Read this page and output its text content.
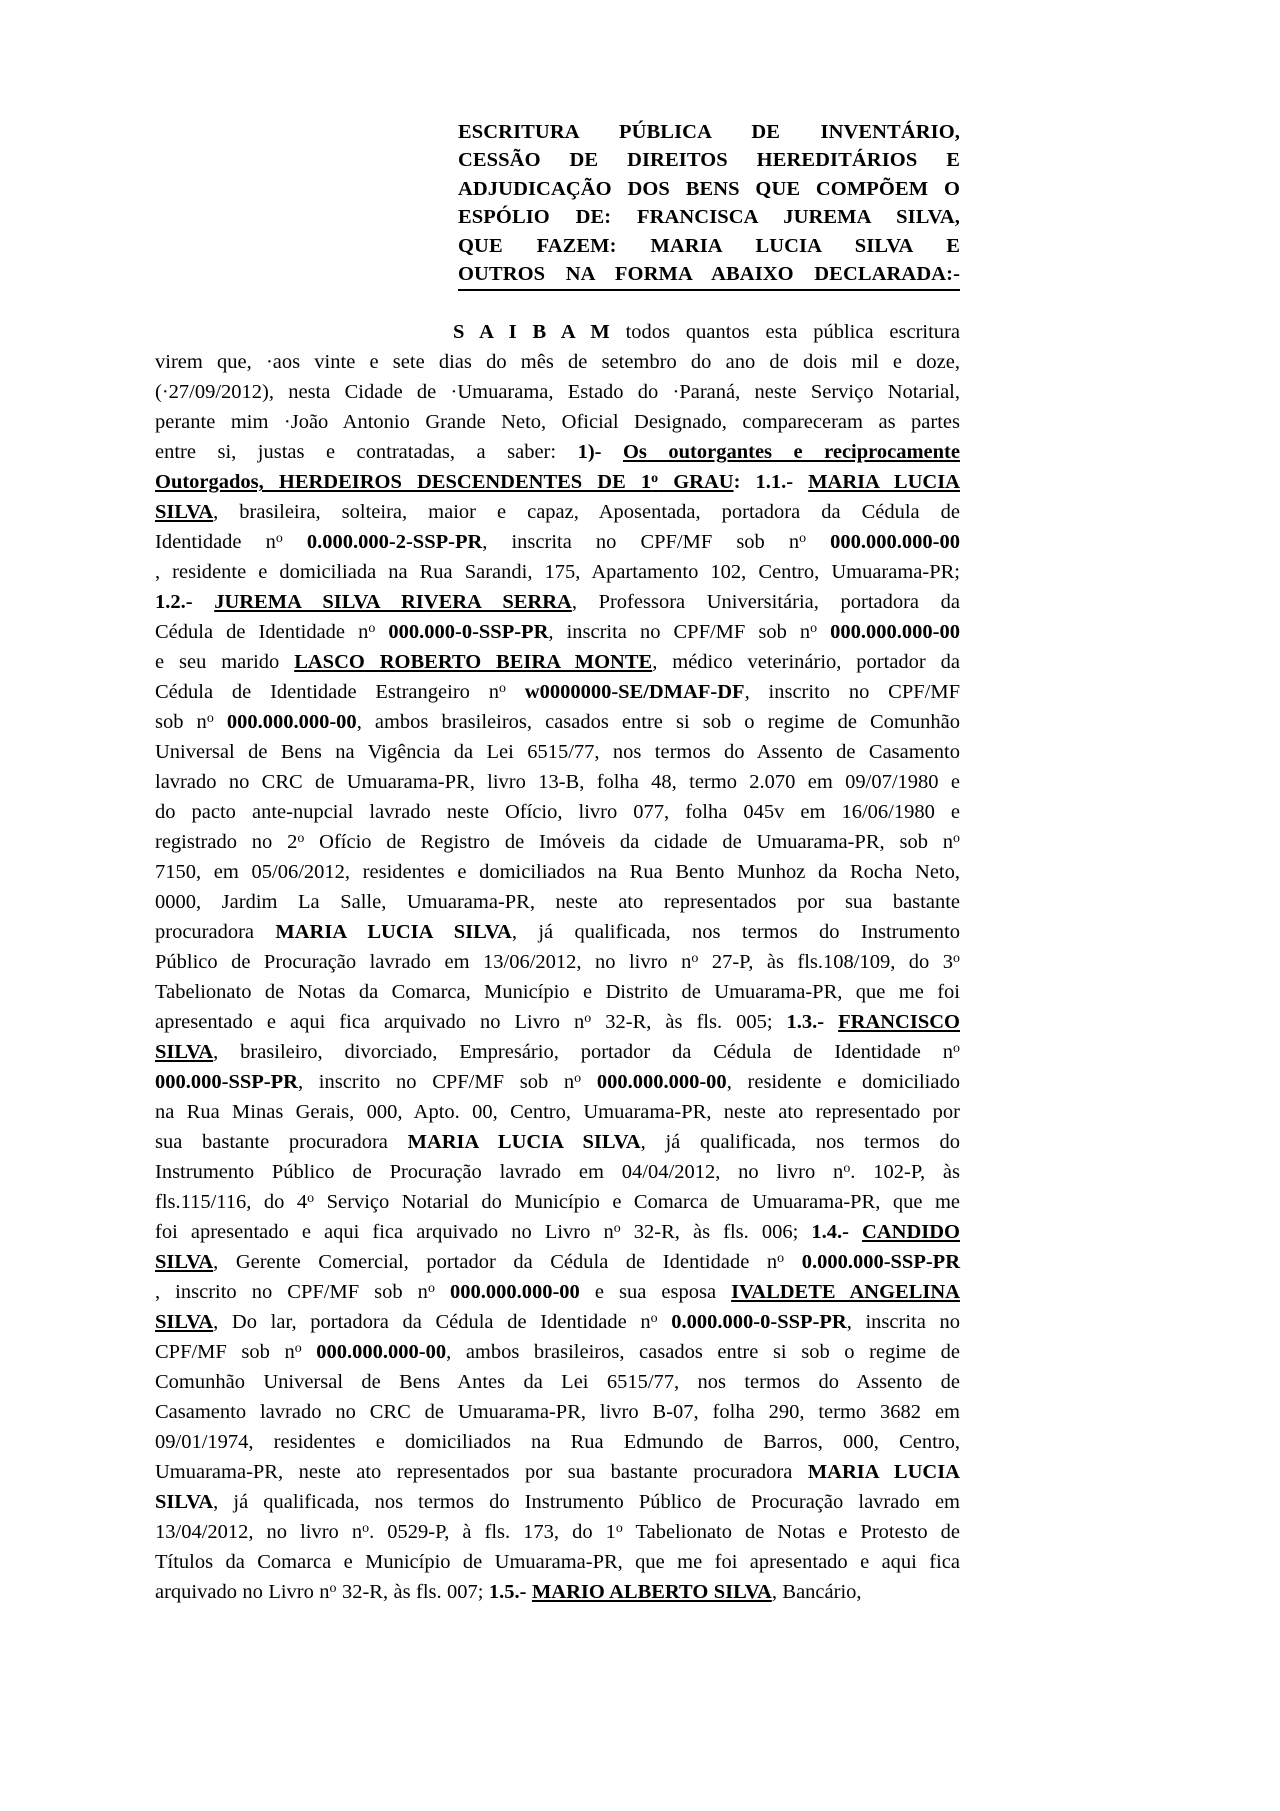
ESCRITURA PÚBLICA DE INVENTÁRIO,
CESSÃO DE DIREITOS HEREDITÁRIOS E
ADJUDICAÇÃO DOS BENS QUE COMPÕEM O
ESPÓLIO DE: FRANCISCA JUREMA SILVA,
QUE FAZEM: MARIA LUCIA SILVA E
OUTROS NA FORMA ABAIXO DECLARADA:-
S A I B A M todos quantos esta pública escritura
virem que, ·aos vinte e sete dias do mês de setembro do ano de dois mil e doze,
(·27/09/2012), nesta Cidade de ·Umuarama, Estado do ·Paraná, neste Serviço Notarial,
perante mim ·João Antonio Grande Neto, Oficial Designado, compareceram as partes
entre si, justas e contratadas, a saber: 1)- Os outorgantes e reciprocamente
Outorgados, HERDEIROS DESCENDENTES DE 1$^o$ GRAU: 1.1.- MARIA LUCIA
SILVA, brasileira, solteira, maior e capaz, Aposentada, portadora da Cédula de
Identidade $n^o$ 0.000.000-2-SSP-PR, inscrita no CPF/MF sob $n^o$ 000.000.000-00
, residente e domiciliada na Rua Sarandi, 175, Apartamento 102, Centro, Umuarama-PR;
1.2.- JUREMA SILVA RIVERA SERRA, Professora Universitária, portadora da
Cédula de Identidade $n^o$ 000.000-0-SSP-PR, inscrita no CPF/MF sob $n^o$ 000.000.000-00
e seu marido LASCO ROBERTO BEIRA MONTE, médico veterinário, portador da
Cédula de Identidade Estrangeiro $n^o$ w0000000-SE/DMAF-DF, inscrito no CPF/MF
sob $n^o$ 000.000.000-00, ambos brasileiros, casados entre si sob o regime de Comunhão
Universal de Bens na Vigência da Lei 6515/77, nos termos do Assento de Casamento
lavrado no CRC de Umuarama-PR, livro 13-B, folha 48, termo 2.070 em 09/07/1980 e
do pacto ante-nupcial lavrado neste Ofício, livro 077, folha 045v em 16/06/1980 e
registrado no 2$^o$ Ofício de Registro de Imóveis da cidade de Umuarama-PR, sob $n^o$
7150, em 05/06/2012, residentes e domiciliados na Rua Bento Munhoz da Rocha Neto,
0000, Jardim La Salle, Umuarama-PR, neste ato representados por sua bastante
procuradora MARIA LUCIA SILVA, já qualificada, nos termos do Instrumento
Público de Procuração lavrado em 13/06/2012, no livro $n^o$ 27-P, às fls.108/109, do 3$^o$
Tabelionato de Notas da Comarca, Município e Distrito de Umuarama-PR, que me foi
apresentado e aqui fica arquivado no Livro $n^o$ 32-R, às fls. 005; 1.3.- FRANCISCO
SILVA, brasileiro, divorciado, Empresário, portador da Cédula de Identidade $n^o$
000.000-SSP-PR, inscrito no CPF/MF sob $n^o$ 000.000.000-00, residente e domiciliado
na Rua Minas Gerais, 000, Apto. 00, Centro, Umuarama-PR, neste ato representado por
sua bastante procuradora MARIA LUCIA SILVA, já qualificada, nos termos do
Instrumento Público de Procuração lavrado em 04/04/2012, no livro $n^o$. 102-P, às
fls.115/116, do 4$^o$ Serviço Notarial do Município e Comarca de Umuarama-PR, que me
foi apresentado e aqui fica arquivado no Livro $n^o$ 32-R, às fls. 006; 1.4.- CANDIDO
SILVA, Gerente Comercial, portador da Cédula de Identidade $n^o$ 0.000.000-SSP-PR
, inscrito no CPF/MF sob $n^o$ 000.000.000-00 e sua esposa IVALDETE ANGELINA
SILVA, Do lar, portadora da Cédula de Identidade $n^o$ 0.000.000-0-SSP-PR, inscrita no
CPF/MF sob $n^o$ 000.000.000-00, ambos brasileiros, casados entre si sob o regime de
Comunhão Universal de Bens Antes da Lei 6515/77, nos termos do Assento de
Casamento lavrado no CRC de Umuarama-PR, livro B-07, folha 290, termo 3682 em
09/01/1974, residentes e domiciliados na Rua Edmundo de Barros, 000, Centro,
Umuarama-PR, neste ato representados por sua bastante procuradora MARIA LUCIA
SILVA, já qualificada, nos termos do Instrumento Público de Procuração lavrado em
13/04/2012, no livro $n^o$. 0529-P, à fls. 173, do 1$^o$ Tabelionato de Notas e Protesto de
Títulos da Comarca e Município de Umuarama-PR, que me foi apresentado e aqui fica
arquivado no Livro $n^o$ 32-R, às fls. 007; 1.5.- MARIO ALBERTO SILVA, Bancário,
